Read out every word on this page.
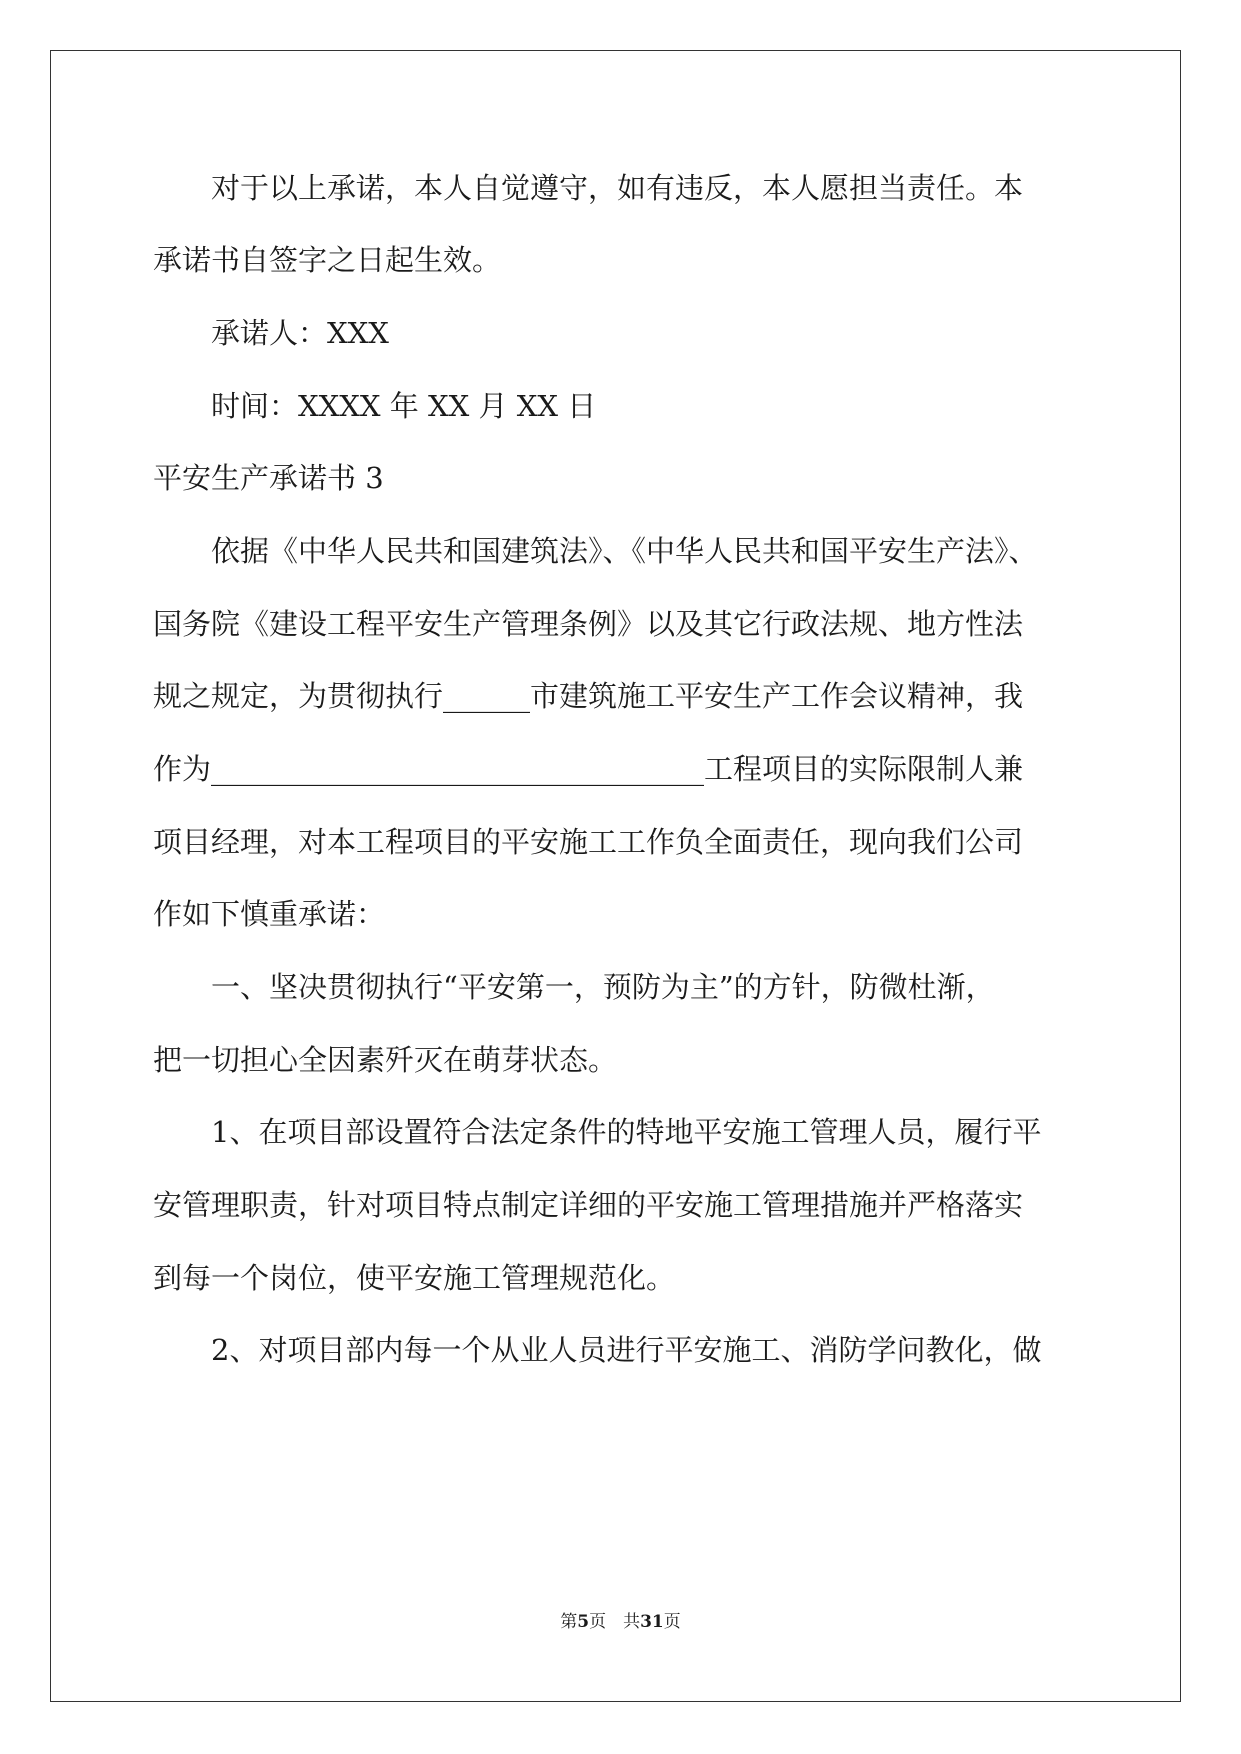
　　对于以上承诺，本人自觉遵守，如有违反，本人愿担当责任。本
承诺书自签字之日起生效。
　　承诺人：XXX
　　时间：XXXX 年 XX 月 XX 日
平安生产承诺书 3
　　依据《中华人民共和国建筑法》、《中华人民共和国平安生产法》、
国务院《建设工程平安生产管理条例》以及其它行政法规、地方性法
规之规定，为贯彻执行______市建筑施工平安生产工作会议精神，我
作为__________________________________工程项目的实际限制人兼
项目经理，对本工程项目的平安施工工作负全面责任，现向我们公司
作如下慎重承诺：
　　一、坚决贯彻执行“平安第一，预防为主”的方针，防微杜渐，
把一切担心全因素歼灭在萌芽状态。
　　1、在项目部设置符合法定条件的特地平安施工管理人员，履行平
安管理职责，针对项目特点制定详细的平安施工管理措施并严格落实
到每一个岗位，使平安施工管理规范化。
　　2、对项目部内每一个从业人员进行平安施工、消防学问教化，做
第5页　共31页
